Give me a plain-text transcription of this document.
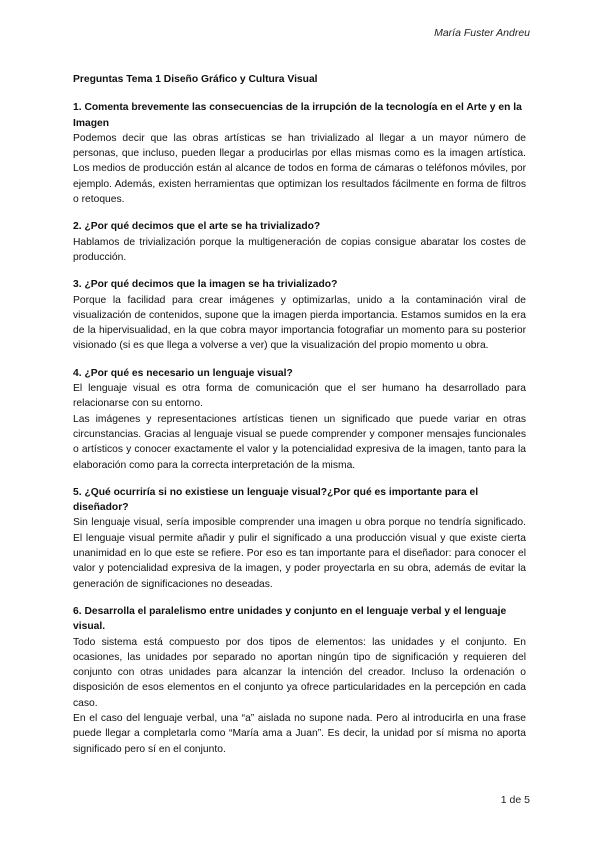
María Fuster Andreu

Preguntas Tema 1 Diseño Gráfico y Cultura Visual

1. Comenta brevemente las consecuencias de la irrupción de la tecnología en el Arte y en la Imagen

Podemos decir que las obras artísticas se han trivializado al llegar a un mayor número de personas, que incluso, pueden llegar a producirlas por ellas mismas como es la imagen artística. Los medios de producción están al alcance de todos en forma de cámaras o teléfonos móviles, por ejemplo. Además, existen herramientas que optimizan los resultados fácilmente en forma de filtros o retoques.

2. ¿Por qué decimos que el arte se ha trivializado?

Hablamos de trivialización porque la multigeneración de copias consigue abaratar los costes de producción.

3. ¿Por qué decimos que la imagen se ha trivializado?

Porque la facilidad para crear imágenes y optimizarlas, unido a la contaminación viral de visualización de contenidos, supone que la imagen pierda importancia. Estamos sumidos en la era de la hipervisualidad, en la que cobra mayor importancia fotografiar un momento para su posterior visionado (si es que llega a volverse a ver) que la visualización del propio momento u obra.

4. ¿Por qué es necesario un lenguaje visual?

El lenguaje visual es otra forma de comunicación que el ser humano ha desarrollado para relacionarse con su entorno.

Las imágenes y representaciones artísticas tienen un significado que puede variar en otras circunstancias. Gracias al lenguaje visual se puede comprender y componer mensajes funcionales o artísticos y conocer exactamente el valor y la potencialidad expresiva de la imagen, tanto para la elaboración como para la correcta interpretación de la misma.

5. ¿Qué ocurriría si no existiese un lenguaje visual?¿Por qué es importante para el diseñador?

Sin lenguaje visual, sería imposible comprender una imagen u obra porque no tendría significado. El lenguaje visual permite añadir y pulir el significado a una producción visual y que existe cierta unanimidad en lo que este se refiere. Por eso es tan importante para el diseñador: para conocer el valor y potencialidad expresiva de la imagen, y poder proyectarla en su obra, además de evitar la generación de significaciones no deseadas.

6. Desarrolla el paralelismo entre unidades y conjunto en el lenguaje verbal y el lenguaje visual.

Todo sistema está compuesto por dos tipos de elementos: las unidades y el conjunto. En ocasiones, las unidades por separado no aportan ningún tipo de significación y requieren del conjunto con otras unidades para alcanzar la intención del creador. Incluso la ordenación o disposición de esos elementos en el conjunto ya ofrece particularidades en la percepción en cada caso.

En el caso del lenguaje verbal, una “a” aislada no supone nada. Pero al introducirla en una frase puede llegar a completarla como “María ama a Juan”. Es decir, la unidad por sí misma no aporta significado pero sí en el conjunto.

1 de 5
